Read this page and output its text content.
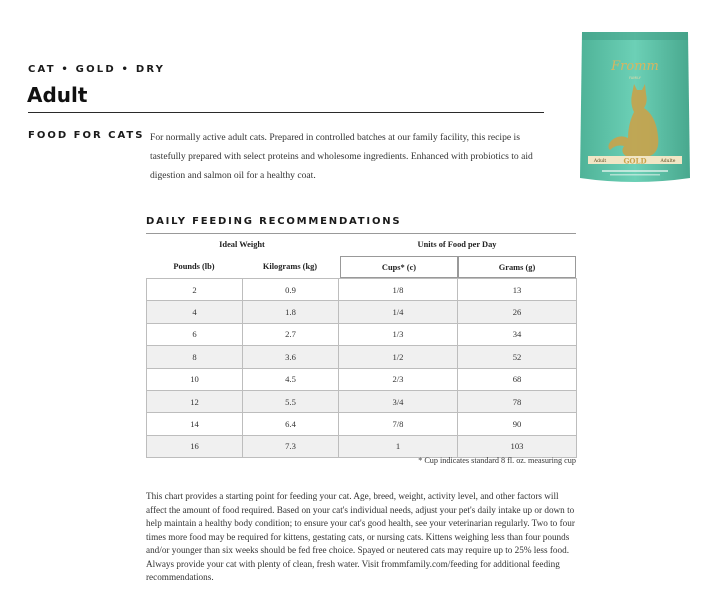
CAT • GOLD • DRY
Adult
FOOD FOR CATS For normally active adult cats. Prepared in controlled batches at our family facility, this recipe is tastefully prepared with select proteins and wholesome ingredients. Enhanced with probiotics to aid digestion and salmon oil for a healthy coat.
Fromm
FAMILY
Adult GOLD	Adulte
DAILY FEEDING RECOMMENDATIONS
Ideal Weight	Units of Food per Day
Pounds (lb)	Kilograms (kg)	Cups* (c)	Grams (g)
2	0.9	1/8	13
4	1.8	1/4	26
6	2.7	1/3	34
8	3.6	1/2	52
10	4.5	2/3	68
12	5.5	3/4	78
14	6.4	7/8	90
16	7.3	1	103
* Cup indicates standard 8 fl. oz. measuring cup
This chart provides a starting point for feeding your cat. Age, breed, weight, activity level, and other factors will affect the amount of food required. Based on your cat's individual needs, adjust your pet's daily intake up or down to help maintain a healthy body condition; to ensure your cat's good health, see your veterinarian regularly. Two to four times more food may be required for kittens, gestating cats, or nursing cats. Kittens weighing less than four pounds and/or younger than six weeks should be fed free choice. Spayed or neutered cats may require up to 25% less food. Always provide your cat with plenty of clean, fresh water. Visit frommfamily.com/feeding for additional feeding recommendations.
